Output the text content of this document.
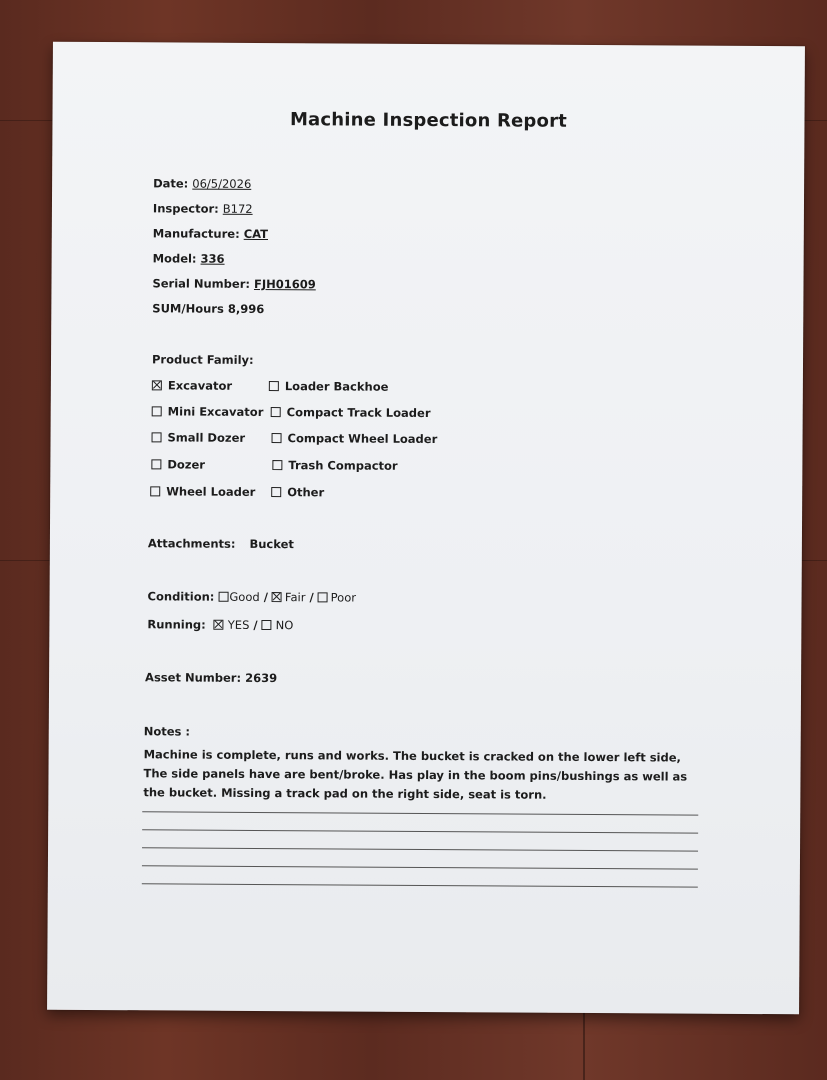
Machine Inspection Report
Date: 06/5/2026
Inspector: B172
Manufacture: CAT
Model: 336
Serial Number: FJH01609
SUM/Hours 8,996
Product Family:
Excavator	Loader Backhoe
Mini Excavator	Compact Track Loader
Small Dozer	Compact Wheel Loader
Dozer	Trash Compactor
Wheel Loader	Other
Attachments: Bucket
Condition: Good / Fair / Poor
Running: YES / NO
Asset Number: 2639
Notes :
Machine is complete, runs and works. The bucket is cracked on the lower left side, The side panels have are bent/broke. Has play in the boom pins/bushings as well as the bucket. Missing a track pad on the right side, seat is torn.
